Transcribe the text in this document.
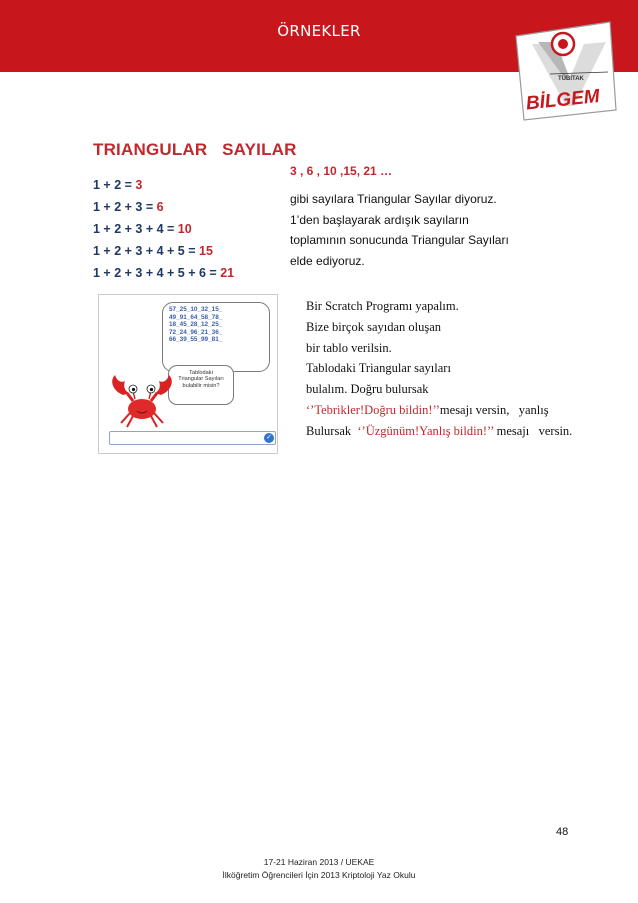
ÖRNEKLER
TÜBİTAK
BİLGEM
TRIANGULAR   SAYILAR
1 + 2 = 3
1 + 2 + 3 = 6
1 + 2 + 3 + 4 = 10
1 + 2 + 3 + 4 + 5 = 15
1 + 2 + 3 + 4 + 5 + 6 = 21
3 , 6 , 10 ,15, 21 …
gibi sayılara Triangular Sayılar diyoruz.
1’den başlayarak ardışık sayıların
toplamının sonucunda Triangular Sayıları
elde ediyoruz.
57_25_10_32_15_
49_91_64_58_78_
18_45_28_12_25_
72_24_96_21_36_
66_39_55_99_81_
Tablodaki
Triangular Sayıları
bulabilir misin?
✓
Bir Scratch Programı yapalım.
Bize birçok sayıdan oluşan
bir tablo verilsin.
Tablodaki Triangular sayıları
bulalım. Doğru bulursak
‘’Tebrikler!Doğru bildin!’’mesajı versin,   yanlış
Bulursak  ‘’Üzgünüm!Yanlış bildin!’’ mesajı   versin.
48
17-21 Haziran 2013 / UEKAE
İlköğretim Öğrencileri İçin 2013 Kriptoloji Yaz Okulu
